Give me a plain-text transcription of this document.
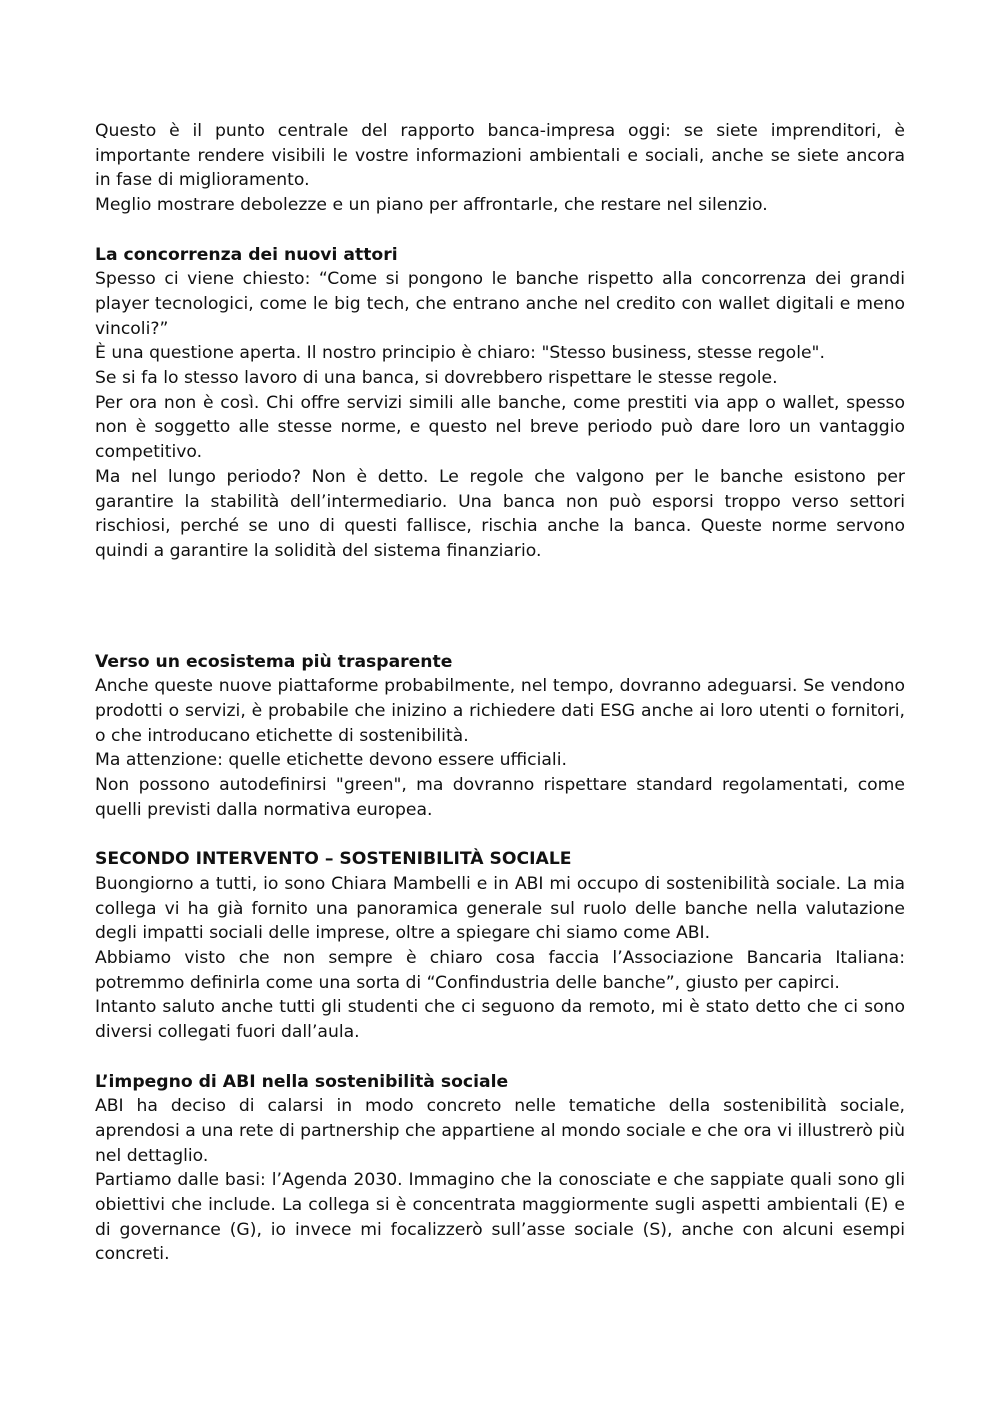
Questo è il punto centrale del rapporto banca-impresa oggi: se siete imprenditori, è importante rendere visibili le vostre informazioni ambientali e sociali, anche se siete ancora in fase di miglioramento.

Meglio mostrare debolezze e un piano per affrontarle, che restare nel silenzio.

La concorrenza dei nuovi attori

Spesso ci viene chiesto: “Come si pongono le banche rispetto alla concorrenza dei grandi player tecnologici, come le big tech, che entrano anche nel credito con wallet digitali e meno vincoli?”

È una questione aperta. Il nostro principio è chiaro: "Stesso business, stesse regole".

Se si fa lo stesso lavoro di una banca, si dovrebbero rispettare le stesse regole.

Per ora non è così. Chi offre servizi simili alle banche, come prestiti via app o wallet, spesso non è soggetto alle stesse norme, e questo nel breve periodo può dare loro un vantaggio competitivo.

Ma nel lungo periodo? Non è detto. Le regole che valgono per le banche esistono per garantire la stabilità dell’intermediario. Una banca non può esporsi troppo verso settori rischiosi, perché se uno di questi fallisce, rischia anche la banca. Queste norme servono quindi a garantire la solidità del sistema finanziario.

Verso un ecosistema più trasparente

Anche queste nuove piattaforme probabilmente, nel tempo, dovranno adeguarsi. Se vendono prodotti o servizi, è probabile che inizino a richiedere dati ESG anche ai loro utenti o fornitori, o che introducano etichette di sostenibilità.

Ma attenzione: quelle etichette devono essere ufficiali.

Non possono autodefinirsi "green", ma dovranno rispettare standard regolamentati, come quelli previsti dalla normativa europea.

SECONDO INTERVENTO – SOSTENIBILITÀ SOCIALE

Buongiorno a tutti, io sono Chiara Mambelli e in ABI mi occupo di sostenibilità sociale. La mia collega vi ha già fornito una panoramica generale sul ruolo delle banche nella valutazione degli impatti sociali delle imprese, oltre a spiegare chi siamo come ABI.

Abbiamo visto che non sempre è chiaro cosa faccia l’Associazione Bancaria Italiana: potremmo definirla come una sorta di “Confindustria delle banche”, giusto per capirci.

Intanto saluto anche tutti gli studenti che ci seguono da remoto, mi è stato detto che ci sono diversi collegati fuori dall’aula.

L’impegno di ABI nella sostenibilità sociale

ABI ha deciso di calarsi in modo concreto nelle tematiche della sostenibilità sociale, aprendosi a una rete di partnership che appartiene al mondo sociale e che ora vi illustrerò più nel dettaglio.

Partiamo dalle basi: l’Agenda 2030. Immagino che la conosciate e che sappiate quali sono gli obiettivi che include. La collega si è concentrata maggiormente sugli aspetti ambientali (E) e di governance (G), io invece mi focalizzerò sull’asse sociale (S), anche con alcuni esempi concreti.
